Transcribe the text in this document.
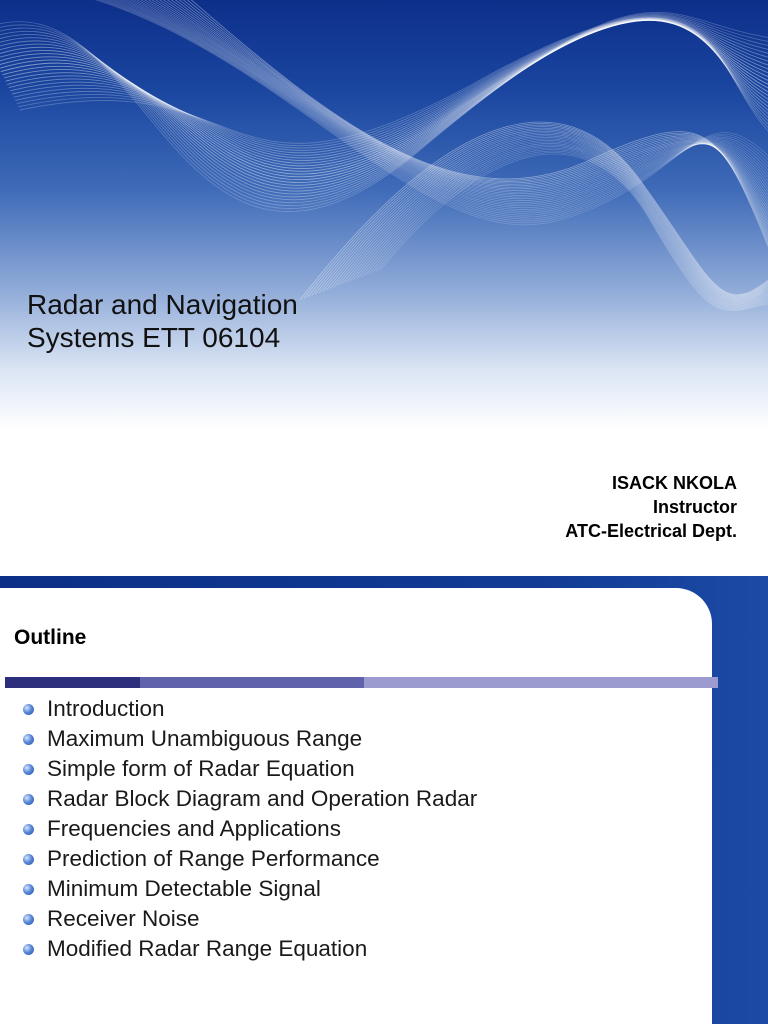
Radar and Navigation
Systems ETT 06104
ISACK NKOLA
Instructor
ATC-Electrical Dept.
Outline
Introduction
Maximum Unambiguous Range
Simple form of Radar Equation
Radar Block Diagram and Operation Radar
Frequencies and Applications
Prediction of Range Performance
Minimum Detectable Signal
Receiver Noise
Modified Radar Range Equation
